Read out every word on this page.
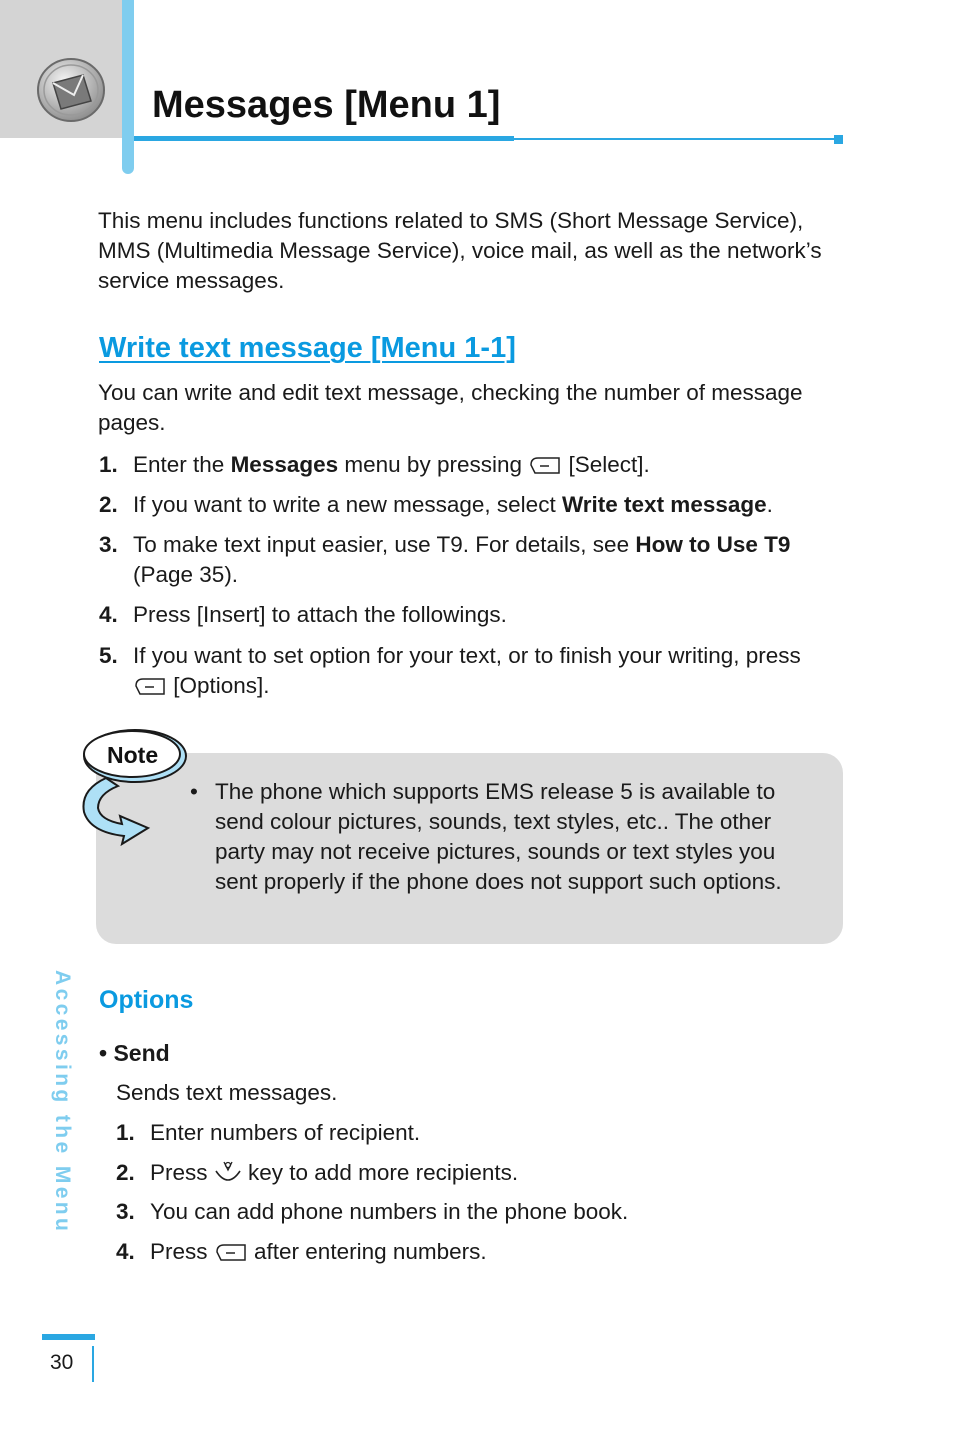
Messages [Menu 1]
This menu includes functions related to SMS (Short Message Service), MMS (Multimedia Message Service), voice mail, as well as the network’s service messages.
Write text message [Menu 1-1]
You can write and edit text message, checking the number of message pages.
1. Enter the Messages menu by pressing  [Select].
2. If you want to write a new message, select Write text message.
3. To make text input easier, use T9. For details, see How to Use T9 (Page 35).
4. Press [Insert] to attach the followings.
5. If you want to set option for your text, or to finish your writing, press  [Options].
Note
• The phone which supports EMS release 5 is available to send colour pictures, sounds, text styles, etc.. The other party may not receive pictures, sounds or text styles you sent properly if the phone does not support such options.
Options
• Send
Sends text messages.
1. Enter numbers of recipient.
2. Press  key to add more recipients.
3. You can add phone numbers in the phone book.
4. Press  after entering numbers.
Accessing the Menu
30
